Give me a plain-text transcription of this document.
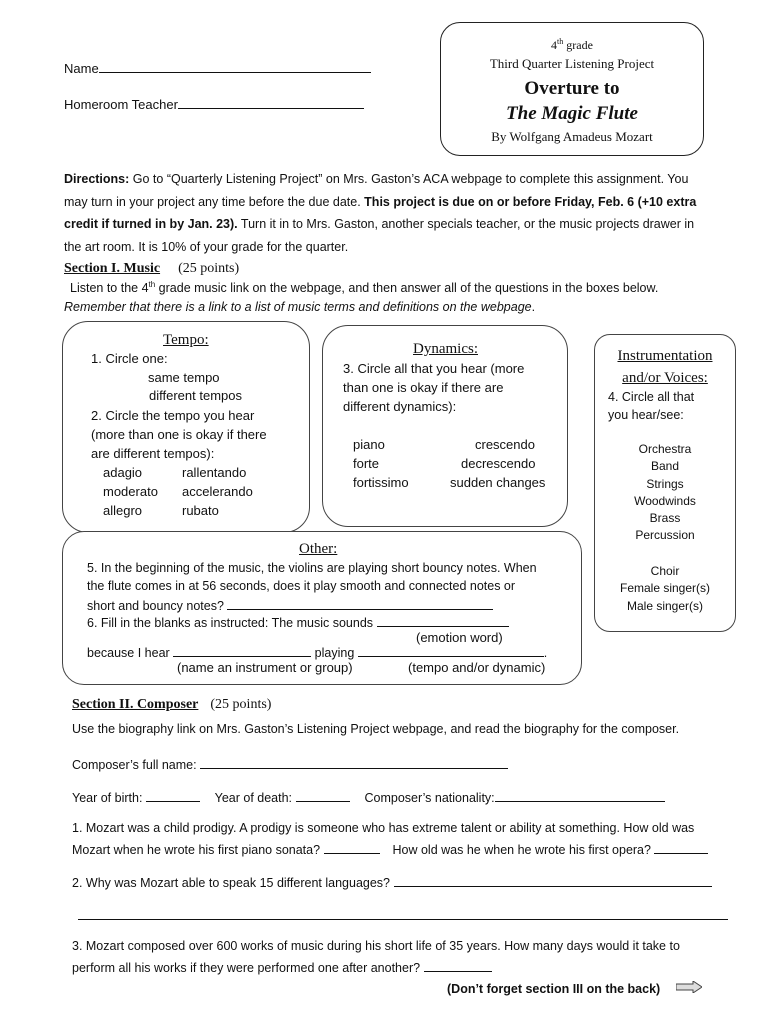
Name
Homeroom Teacher
4th grade
Third Quarter Listening Project
Overture to
The Magic Flute
By Wolfgang Amadeus Mozart
Directions: Go to “Quarterly Listening Project” on Mrs. Gaston’s ACA webpage to complete this assignment. You
may turn in your project any time before the due date. This project is due on or before Friday, Feb. 6 (+10 extra
credit if turned in by Jan. 23). Turn it in to Mrs. Gaston, another specials teacher, or the music projects drawer in
the art room. It is 10% of your grade for the quarter.
Section I. Music (25 points)
Listen to the 4th grade music link on the webpage, and then answer all of the questions in the boxes below.
Remember that there is a link to a list of music terms and definitions on the webpage.
Tempo:
1. Circle one:
same tempo
different tempos
2. Circle the tempo you hear
(more than one is okay if there
are different tempos):
adagio	rallentando
moderato accelerando
allegro	rubato
Dynamics:
3. Circle all that you hear (more
than one is okay if there are
different dynamics):
piano	crescendo
forte	decrescendo
fortissimo	sudden changes
Instrumentation
and/or Voices:
4. Circle all that
you hear/see:
Orchestra
Band
Strings
Woodwinds
Brass
Percussion
Choir
Female singer(s)
Male singer(s)
Other:
5. In the beginning of the music, the violins are playing short bouncy notes. When
the flute comes in at 56 seconds, does it play smooth and connected notes or
short and bouncy notes?
6. Fill in the blanks as instructed: The music sounds
(emotion word)
because I hear	playing	.
(name an instrument or group)	(tempo and/or dynamic)
Section II. Composer (25 points)
Use the biography link on Mrs. Gaston’s Listening Project webpage, and read the biography for the composer.
Composer’s full name:
Year of birth:	Year of death:	Composer’s nationality:
1. Mozart was a child prodigy. A prodigy is someone who has extreme talent or ability at something. How old was
Mozart when he wrote his first piano sonata?	How old was he when he wrote his first opera?
2. Why was Mozart able to speak 15 different languages?
3. Mozart composed over 600 works of music during his short life of 35 years. How many days would it take to
perform all his works if they were performed one after another?
(Don’t forget section III on the back)
